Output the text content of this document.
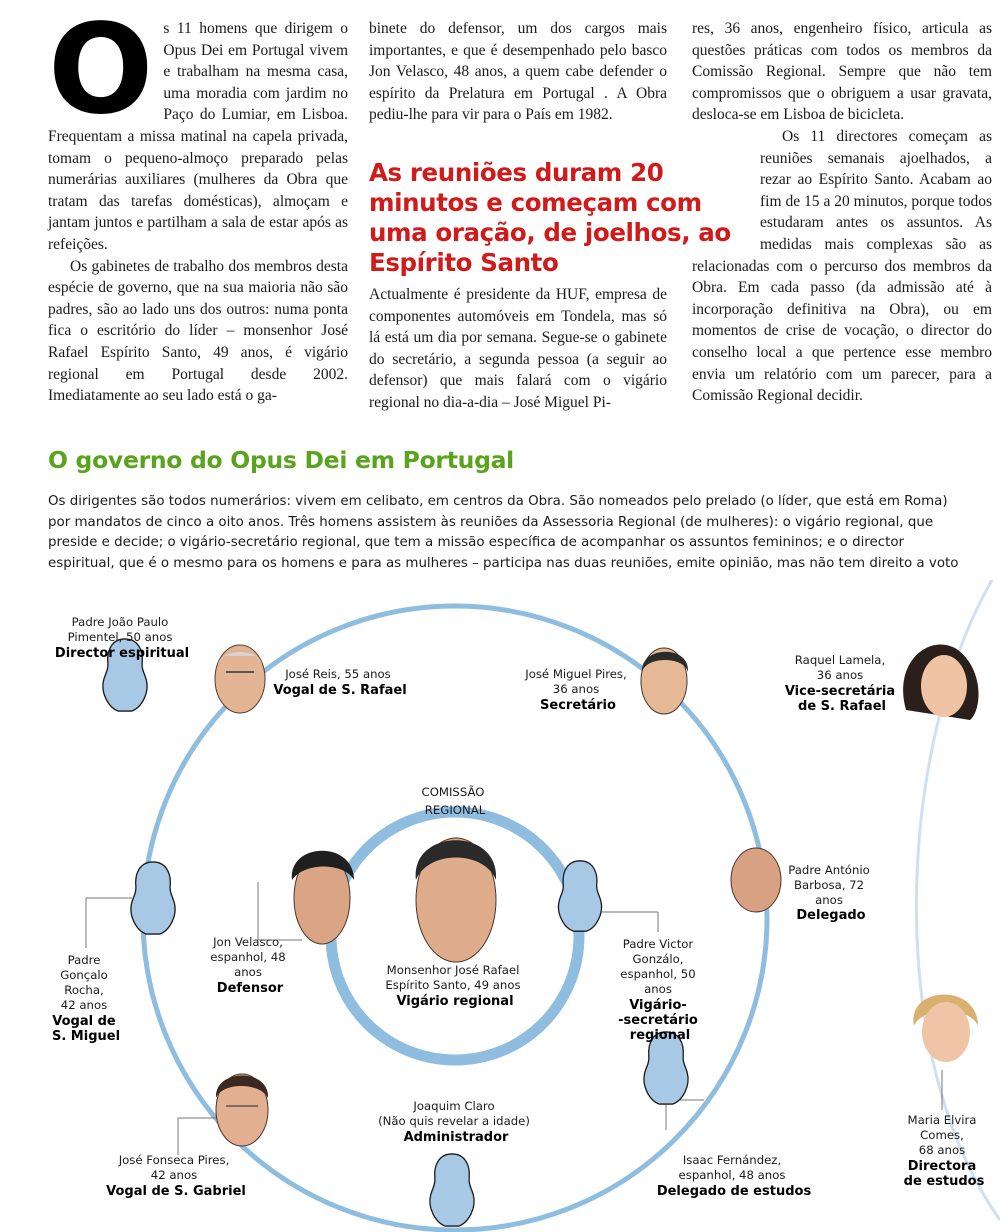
Os 11 homens que dirigem o Opus Dei em Portugal vivem e trabalham na mesma casa, uma moradia com jardim no Paço do Lumiar, em Lisboa. Frequentam a missa matinal na capela privada, tomam o pequeno-almoço preparado pelas numerárias auxiliares (mulheres da Obra que tratam das tarefas domésticas), almoçam e jantam juntos e partilham a sala de estar após as refeições.

Os gabinetes de trabalho dos membros desta espécie de governo, que na sua maioria não são padres, são ao lado uns dos outros: numa ponta fica o escritório do líder – monsenhor José Rafael Espírito Santo, 49 anos, é vigário regional em Portugal desde 2002. Imediatamente ao seu lado está o ga-

binete do defensor, um dos cargos mais importantes, e que é desempenhado pelo basco Jon Velasco, 48 anos, a quem cabe defender o espírito da Prelatura em Portugal . A Obra pediu-lhe para vir para o País em 1982.

As reuniões duram 20 minutos e começam com uma oração, de joelhos, ao Espírito Santo

Actualmente é presidente da HUF, empresa de componentes automóveis em Tondela, mas só lá está um dia por semana. Segue-se o gabinete do secretário, a segunda pessoa (a seguir ao defensor) que mais falará com o vigário regional no dia-a-dia – José Miguel Pi-

res, 36 anos, engenheiro físico, articula as questões práticas com todos os membros da Comissão Regional. Sempre que não tem compromissos que o obriguem a usar gravata, desloca-se em Lisboa de bicicleta.

Os 11 directores começam as reuniões semanais ajoelhados, a rezar ao Espírito Santo. Acabam ao fim de 15 a 20 minutos, porque todos estudaram antes os assuntos. As medidas mais complexas são as relacionadas com o percurso dos membros da Obra. Em cada passo (da admissão até à incorporação definitiva na Obra), ou em momentos de crise de vocação, o director do conselho local a que pertence esse membro envia um relatório com um parecer, para a Comissão Regional decidir.

O governo do Opus Dei em Portugal

Os dirigentes são todos numerários: vivem em celibato, em centros da Obra. São nomeados pelo prelado (o líder, que está em Roma) por mandatos de cinco a oito anos. Três homens assistem às reuniões da Assessoria Regional (de mulheres): o vigário regional, que preside e decide; o vigário-secretário regional, que tem a missão específica de acompanhar os assuntos femininos; e o director espiritual, que é o mesmo para os homens e para as mulheres – participa nas duas reuniões, emite opinião, mas não tem direito a voto

COMISSÃO REGIONAL
Padre João Paulo Pimentel, 50 anos Director espiritual
José Reis, 55 anos Vogal de S. Rafael
José Miguel Pires, 36 anos Secretário
Raquel Lamela, 36 anos Vice-secretária de S. Rafael
Monsenhor José Rafael Espírito Santo, 49 anos Vigário regional
Jon Velasco, espanhol, 48 anos Defensor
Padre António Barbosa, 72 anos Delegado
Padre Gonçalo Rocha, 42 anos Vogal de S. Miguel
Padre Victor Gonzálo, espanhol, 50 anos Vigário- -secretário regional
Joaquim Claro (Não quis revelar a idade) Administrador
José Fonseca Pires, 42 anos Vogal de S. Gabriel
Isaac Fernández, espanhol, 48 anos Delegado de estudos
Maria Elvira Comes, 68 anos Directora de estudos
